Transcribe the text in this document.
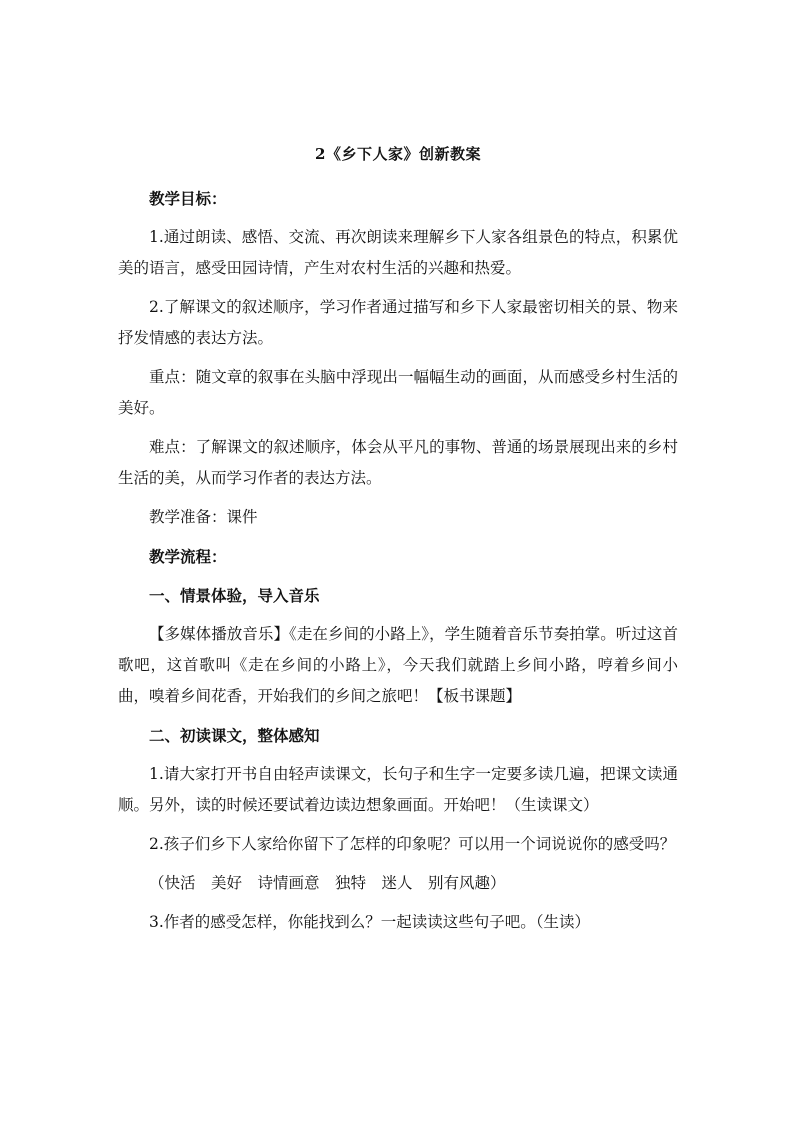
2《乡下人家》创新教案
教学目标：
1.通过朗读、感悟、交流、再次朗读来理解乡下人家各组景色的特点，积累优美的语言，感受田园诗情，产生对农村生活的兴趣和热爱。
2.了解课文的叙述顺序，学习作者通过描写和乡下人家最密切相关的景、物来抒发情感的表达方法。
重点：随文章的叙事在头脑中浮现出一幅幅生动的画面，从而感受乡村生活的美好。
难点：了解课文的叙述顺序，体会从平凡的事物、普通的场景展现出来的乡村生活的美，从而学习作者的表达方法。
教学准备：课件
教学流程：
一、情景体验，导入音乐
【多媒体播放音乐】《走在乡间的小路上》，学生随着音乐节奏拍掌。听过这首歌吧，这首歌叫《走在乡间的小路上》，今天我们就踏上乡间小路，哼着乡间小曲，嗅着乡间花香，开始我们的乡间之旅吧！【板书课题】
二、初读课文，整体感知
1.请大家打开书自由轻声读课文，长句子和生字一定要多读几遍，把课文读通顺。另外，读的时候还要试着边读边想象画面。开始吧！（生读课文）
2.孩子们乡下人家给你留下了怎样的印象呢？可以用一个词说说你的感受吗？
（快活　美好　诗情画意　独特　迷人　别有风趣）
3.作者的感受怎样，你能找到么？一起读读这些句子吧。（生读）
